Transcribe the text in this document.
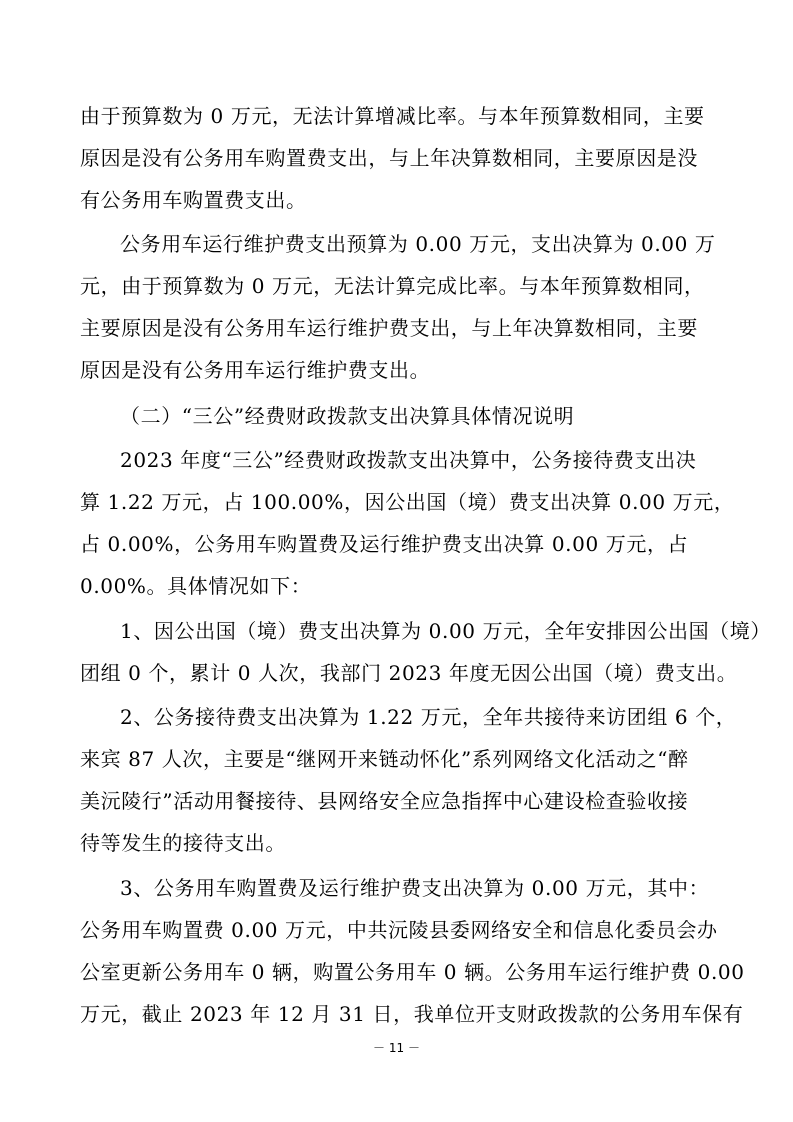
由于预算数为 0 万元，无法计算增减比率。与本年预算数相同，主要
原因是没有公务用车购置费支出，与上年决算数相同，主要原因是没
有公务用车购置费支出。
公务用车运行维护费支出预算为 0.00 万元，支出决算为 0.00 万
元，由于预算数为 0 万元，无法计算完成比率。与本年预算数相同，
主要原因是没有公务用车运行维护费支出，与上年决算数相同，主要
原因是没有公务用车运行维护费支出。
（二）“三公”经费财政拨款支出决算具体情况说明
2023 年度“三公”经费财政拨款支出决算中，公务接待费支出决
算 1.22 万元，占 100.00%，因公出国（境）费支出决算 0.00 万元，
占 0.00%，公务用车购置费及运行维护费支出决算 0.00 万元，占
0.00%。具体情况如下：
1、因公出国（境）费支出决算为 0.00 万元，全年安排因公出国（境）
团组 0 个，累计 0 人次，我部门 2023 年度无因公出国（境）费支出。
2、公务接待费支出决算为 1.22 万元，全年共接待来访团组 6 个，
来宾 87 人次，主要是“继网开来链动怀化”系列网络文化活动之“醉
美沅陵行”活动用餐接待、县网络安全应急指挥中心建设检查验收接
待等发生的接待支出。
3、公务用车购置费及运行维护费支出决算为 0.00 万元，其中：
公务用车购置费 0.00 万元，中共沅陵县委网络安全和信息化委员会办
公室更新公务用车 0 辆，购置公务用车 0 辆。公务用车运行维护费 0.00
万元，截止 2023 年 12 月 31 日，我单位开支财政拨款的公务用车保有
－ 11 －
